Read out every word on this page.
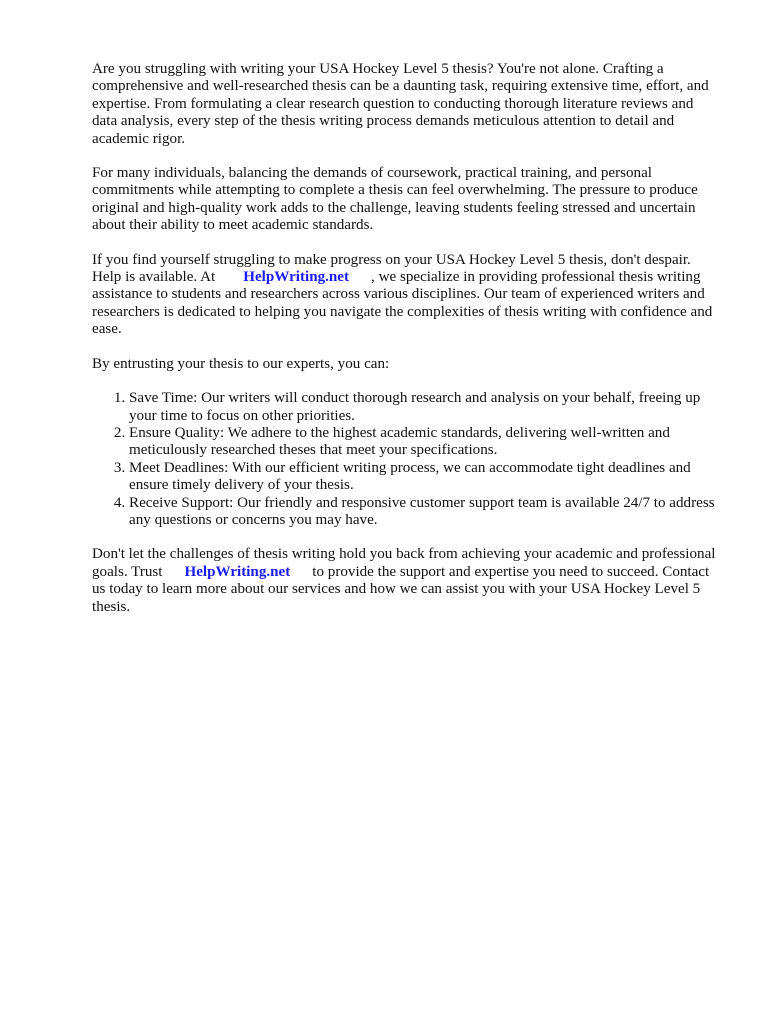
Are you struggling with writing your USA Hockey Level 5 thesis? You're not alone. Crafting a comprehensive and well-researched thesis can be a daunting task, requiring extensive time, effort, and expertise. From formulating a clear research question to conducting thorough literature reviews and data analysis, every step of the thesis writing process demands meticulous attention to detail and academic rigor.

For many individuals, balancing the demands of coursework, practical training, and personal commitments while attempting to complete a thesis can feel overwhelming. The pressure to produce original and high-quality work adds to the challenge, leaving students feeling stressed and uncertain about their ability to meet academic standards.

If you find yourself struggling to make progress on your USA Hockey Level 5 thesis, don't despair. Help is available. At HelpWriting.net , we specialize in providing professional thesis writing assistance to students and researchers across various disciplines. Our team of experienced writers and researchers is dedicated to helping you navigate the complexities of thesis writing with confidence and ease.

By entrusting your thesis to our experts, you can:

1. Save Time: Our writers will conduct thorough research and analysis on your behalf, freeing up your time to focus on other priorities.
2. Ensure Quality: We adhere to the highest academic standards, delivering well-written and meticulously researched theses that meet your specifications.
3. Meet Deadlines: With our efficient writing process, we can accommodate tight deadlines and ensure timely delivery of your thesis.
4. Receive Support: Our friendly and responsive customer support team is available 24/7 to address any questions or concerns you may have.

Don't let the challenges of thesis writing hold you back from achieving your academic and professional goals. Trust HelpWriting.net to provide the support and expertise you need to succeed. Contact us today to learn more about our services and how we can assist you with your USA Hockey Level 5 thesis.
